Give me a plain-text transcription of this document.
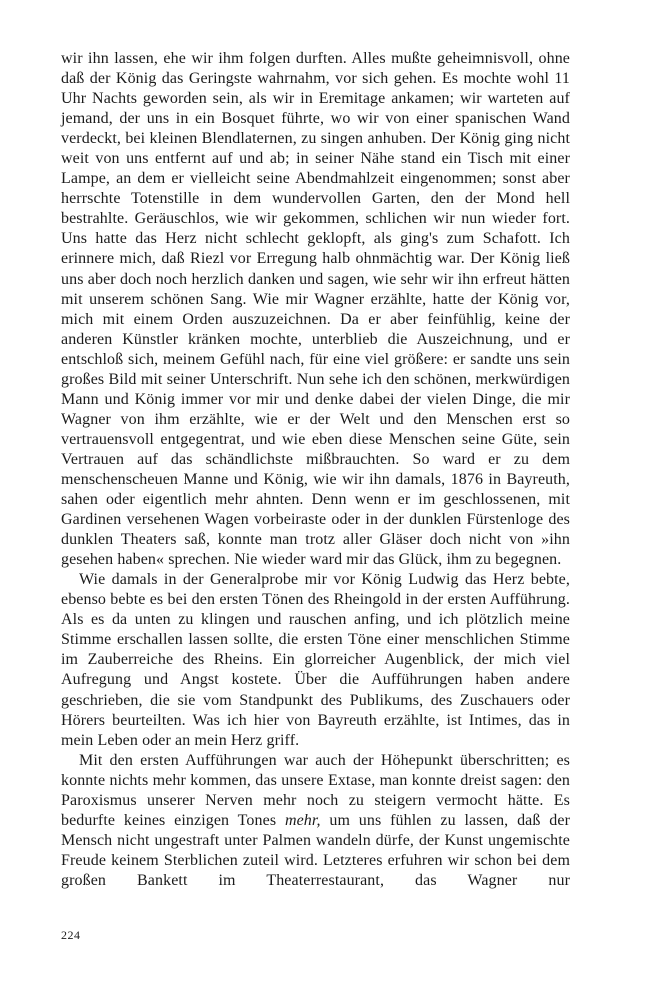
wir ihn lassen, ehe wir ihm folgen durften. Alles mußte geheimnisvoll, ohne daß der König das Geringste wahrnahm, vor sich gehen. Es mochte wohl 11 Uhr Nachts geworden sein, als wir in Eremitage ankamen; wir warteten auf jemand, der uns in ein Bosquet führte, wo wir von einer spanischen Wand verdeckt, bei kleinen Blendlaternen, zu singen anhuben. Der König ging nicht weit von uns entfernt auf und ab; in seiner Nähe stand ein Tisch mit einer Lampe, an dem er vielleicht seine Abendmahlzeit eingenommen; sonst aber herrschte Totenstille in dem wundervollen Garten, den der Mond hell bestrahlte. Geräuschlos, wie wir gekommen, schlichen wir nun wieder fort. Uns hatte das Herz nicht schlecht geklopft, als ging's zum Schafott. Ich erinnere mich, daß Riezl vor Erregung halb ohnmächtig war. Der König ließ uns aber doch noch herzlich danken und sagen, wie sehr wir ihn erfreut hätten mit unserem schönen Sang. Wie mir Wagner erzählte, hatte der König vor, mich mit einem Orden auszuzeichnen. Da er aber feinfühlig, keine der anderen Künstler kränken mochte, unterblieb die Auszeichnung, und er entschloß sich, meinem Gefühl nach, für eine viel größere: er sandte uns sein großes Bild mit seiner Unterschrift. Nun sehe ich den schönen, merkwürdigen Mann und König immer vor mir und denke dabei der vielen Dinge, die mir Wagner von ihm erzählte, wie er der Welt und den Menschen erst so vertrauensvoll entgegentrat, und wie eben diese Menschen seine Güte, sein Vertrauen auf das schändlichste mißbrauchten. So ward er zu dem menschenscheuen Manne und König, wie wir ihn damals, 1876 in Bayreuth, sahen oder eigentlich mehr ahnten. Denn wenn er im geschlossenen, mit Gardinen versehenen Wagen vorbeiraste oder in der dunklen Fürstenloge des dunklen Theaters saß, konnte man trotz aller Gläser doch nicht von »ihn gesehen haben« sprechen. Nie wieder ward mir das Glück, ihm zu begegnen.

Wie damals in der Generalprobe mir vor König Ludwig das Herz bebte, ebenso bebte es bei den ersten Tönen des Rheingold in der ersten Aufführung. Als es da unten zu klingen und rauschen anfing, und ich plötzlich meine Stimme erschallen lassen sollte, die ersten Töne einer menschlichen Stimme im Zauberreiche des Rheins. Ein glorreicher Augenblick, der mich viel Aufregung und Angst kostete. Über die Aufführungen haben andere geschrieben, die sie vom Standpunkt des Publikums, des Zuschauers oder Hörers beurteilten. Was ich hier von Bayreuth erzählte, ist Intimes, das in mein Leben oder an mein Herz griff.

Mit den ersten Aufführungen war auch der Höhepunkt überschritten; es konnte nichts mehr kommen, das unsere Extase, man konnte dreist sagen: den Paroxismus unserer Nerven mehr noch zu steigern vermocht hätte. Es bedurfte keines einzigen Tones mehr, um uns fühlen zu lassen, daß der Mensch nicht ungestraft unter Palmen wandeln dürfe, der Kunst ungemischte Freude keinem Sterblichen zuteil wird. Letzteres erfuhren wir schon bei dem großen Bankett im Theaterrestaurant, das Wagner nur

224
